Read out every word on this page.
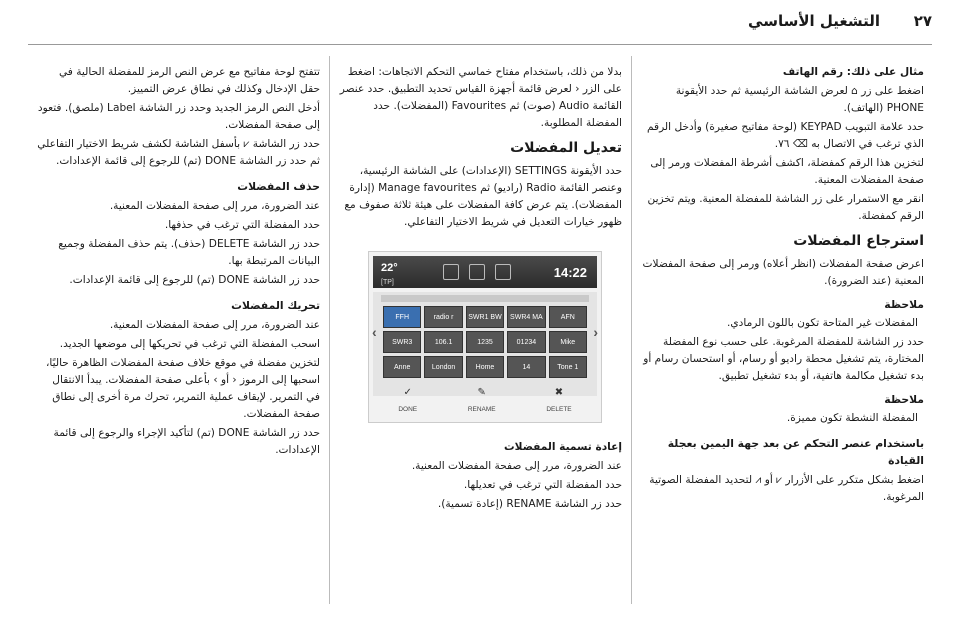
٢٧
التشغيل الأساسي

مثال على ذلك: رقم الهاتف

اضغط على زر ⌂ لعرض الشاشة الرئيسية ثم حدد الأيقونة PHONE (الهاتف).

حدد علامة التبويب KEYPAD (لوحة مفاتيح صغيرة) وأدخل الرقم الذي ترغب في الاتصال به ⌫ ٧٦.

لتخزين هذا الرقم كمفضلة، اكشف أشرطة المفضلات ورمر إلى صفحة المفضلات المعنية.

انقر مع الاستمرار على زر الشاشة للمفضلة المعنية. ويتم تخزين الرقم كمفضلة.

استرجاع المفضلات

اعرض صفحة المفضلات (انظر أعلاه) ورمر إلى صفحة المفضلات المعنية (عند الضرورة).

ملاحظة

المفضلات غير المتاحة تكون باللون الرمادي.

حدد زر الشاشة للمفضلة المرغوبة. على حسب نوع المفضلة المختارة، يتم تشغيل محطة راديو أو رسام، أو استحسان رسام أو بدء تشغيل مكالمة هاتفية، أو بدء تشغيل تطبيق.

ملاحظة

المفضلة النشطة تكون مميزة.

باستخدام عنصر التحكم عن بعد جهة اليمين بعجلة القيادة

اضغط بشكل متكرر على الأزرار ⩗ أو ⩘ لتحديد المفضلة الصوتية المرغوبة.

بدلا من ذلك، باستخدام مفتاح خماسي التحكم الاتجاهات: اضغط على الزر ‹ لعرض قائمة أجهزة القياس تحديد التطبيق. حدد عنصر القائمة Audio (صوت) ثم Favourites (المفضلات). حدد المفضلة المطلوبة.

تعديل المفضلات

حدد الأيقونة SETTINGS (الإعدادات) على الشاشة الرئيسية، وعنصر القائمة Radio (راديو) ثم Manage favourites (إدارة المفضلات). يتم عرض كافة المفضلات على هيئة ثلاثة صفوف مع ظهور خيارات التعديل في شريط الاختيار التفاعلي.

22°
[TP]
14:22
‹	›
FFH	radio r	SWR1 BW	SWR4 MA	AFN
SWR3	106.1	1235	01234	Mike
Anne	London	Home	14	Tone 1
✓
DONE
✎
RENAME
✖
DELETE

إعادة تسمية المفضلات

عند الضرورة، مرر إلى صفحة المفضلات المعنية.

حدد المفضلة التي ترغب في تعديلها.

حدد زر الشاشة RENAME (إعادة تسمية).

تتفتح لوحة مفاتيح مع عرض النص الرمز للمفضلة الحالية في حقل الإدخال وكذلك في نطاق عرض التمييز.

أدخل النص الرمز الجديد وحدد زر الشاشة Label (ملصق). فتعود إلى صفحة المفضلات.

حدد زر الشاشة ⩗ بأسفل الشاشة لكشف شريط الاختيار التفاعلي ثم حدد زر الشاشة DONE (تم) للرجوع إلى قائمة الإعدادات.

حذف المفضلات

عند الضرورة، مرر إلى صفحة المفضلات المعنية.

حدد المفضلة التي ترغب في حذفها.

حدد زر الشاشة DELETE (حذف). يتم حذف المفضلة وجميع البيانات المرتبطة بها.

حدد زر الشاشة DONE (تم) للرجوع إلى قائمة الإعدادات.

تحريك المفضلات

عند الضرورة، مرر إلى صفحة المفضلات المعنية.

اسحب المفضلة التي ترغب في تحريكها إلى موضعها الجديد.

لتخزين مفضلة في موقع خلاف صفحة المفضلات الظاهرة حاليًا، اسحبها إلى الرموز ‹ أو › بأعلى صفحة المفضلات. يبدأ الانتقال في التمرير. لإيقاف عملية التمرير، تحرك مرة أخرى إلى نطاق صفحة المفضلات.

حدد زر الشاشة DONE (تم) لتأكيد الإجراء والرجوع إلى قائمة الإعدادات.
